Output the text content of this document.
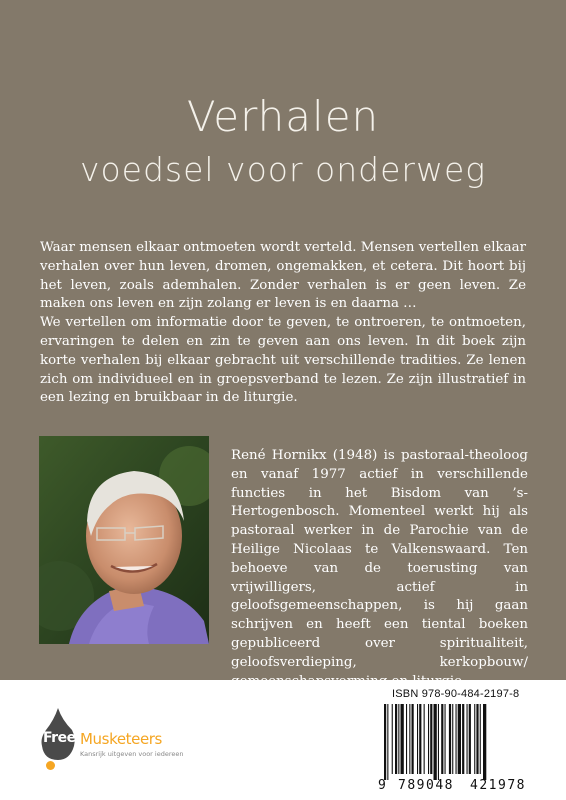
Verhalen
voedsel voor onderweg

Waar mensen elkaar ontmoeten wordt verteld. Mensen vertellen elkaar verhalen over hun leven, dromen, ongemakken, et cetera. Dit hoort bij het leven, zoals ademhalen. Zonder verhalen is er geen leven. Ze maken ons leven en zijn zolang er leven is en daarna …

We vertellen om informatie door te geven, te ontroeren, te ontmoeten, ervaringen te delen en zin te geven aan ons leven. In dit boek zijn korte verhalen bij elkaar gebracht uit verschillende tradities. Ze lenen zich om individueel en in groepsverband te lezen. Ze zijn illustratief in een lezing en bruikbaar in de liturgie.

René Hornikx (1948) is pastoraal-theoloog en vanaf 1977 actief in verschillende functies in het Bisdom van ’s-Hertogenbosch. Momenteel werkt hij als pastoraal werker in de Parochie van de Heilige Nicolaas te Valkenswaard. Ten behoeve van de toerusting van vrijwilligers, actief in geloofsgemeenschappen, is hij gaan schrijven en heeft een tiental boeken gepubliceerd over spiritualiteit, geloofsverdieping, kerkopbouw/

Free Musketeers
Kansrijk uitgeven voor iedereen
ISBN 978-90-484-2197-8
9 789048	421978
